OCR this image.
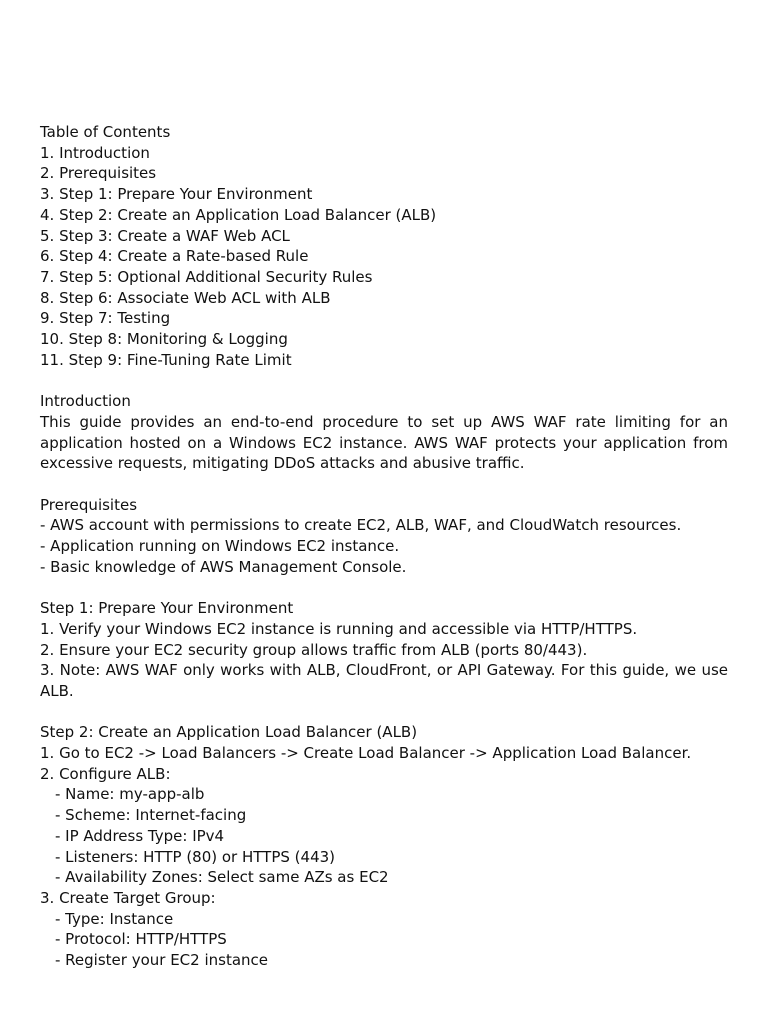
Table of Contents
1. Introduction
2. Prerequisites
3. Step 1: Prepare Your Environment
4. Step 2: Create an Application Load Balancer (ALB)
5. Step 3: Create a WAF Web ACL
6. Step 4: Create a Rate-based Rule
7. Step 5: Optional Additional Security Rules
8. Step 6: Associate Web ACL with ALB
9. Step 7: Testing
10. Step 8: Monitoring & Logging
11. Step 9: Fine-Tuning Rate Limit
Introduction
This guide provides an end-to-end procedure to set up AWS WAF rate limiting for an application hosted on a Windows EC2 instance. AWS WAF protects your application from excessive requests, mitigating DDoS attacks and abusive traffic.
Prerequisites
- AWS account with permissions to create EC2, ALB, WAF, and CloudWatch resources.
- Application running on Windows EC2 instance.
- Basic knowledge of AWS Management Console.
Step 1: Prepare Your Environment
1. Verify your Windows EC2 instance is running and accessible via HTTP/HTTPS.
2. Ensure your EC2 security group allows traffic from ALB (ports 80/443).
3. Note: AWS WAF only works with ALB, CloudFront, or API Gateway. For this guide, we use ALB.
Step 2: Create an Application Load Balancer (ALB)
1. Go to EC2 -> Load Balancers -> Create Load Balancer -> Application Load Balancer.
2. Configure ALB:
- Name: my-app-alb
- Scheme: Internet-facing
- IP Address Type: IPv4
- Listeners: HTTP (80) or HTTPS (443)
- Availability Zones: Select same AZs as EC2
3. Create Target Group:
- Type: Instance
- Protocol: HTTP/HTTPS
- Register your EC2 instance
